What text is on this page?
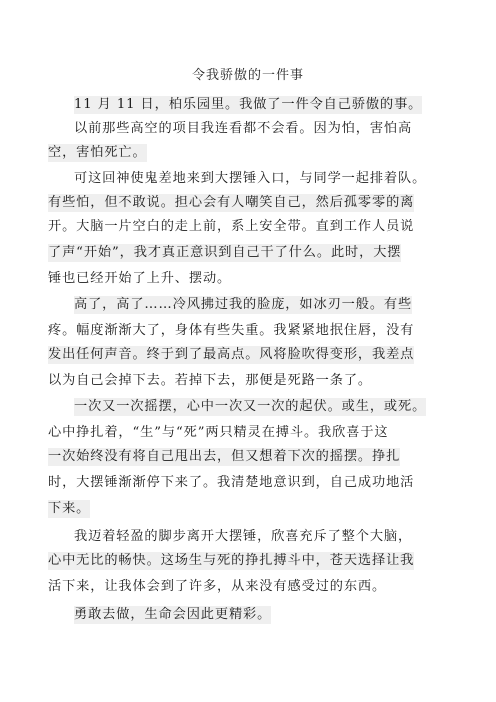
令我骄傲的一件事
11 月 11 日，柏乐园里。我做了一件令自己骄傲的事。
以前那些高空的项目我连看都不会看。因为怕，害怕高
空，害怕死亡。
可这回神使鬼差地来到大摆锤入口，与同学一起排着队。
有些怕，但不敢说。担心会有人嘲笑自己，然后孤零零的离
开。大脑一片空白的走上前，系上安全带。直到工作人员说
了声“开始”，我才真正意识到自己干了什么。此时，大摆
锤也已经开始了上升、摆动。
高了，高了……冷风拂过我的脸庞，如冰刃一般。有些
疼。幅度渐渐大了，身体有些失重。我紧紧地抿住唇，没有
发出任何声音。终于到了最高点。风将脸吹得变形，我差点
以为自己会掉下去。若掉下去，那便是死路一条了。
一次又一次摇摆，心中一次又一次的起伏。或生，或死。
心中挣扎着，“生”与“死”两只精灵在搏斗。我欣喜于这
一次始终没有将自己甩出去，但又想着下次的摇摆。挣扎
时，大摆锤渐渐停下来了。我清楚地意识到，自己成功地活
下来。
我迈着轻盈的脚步离开大摆锤，欣喜充斥了整个大脑，
心中无比的畅快。这场生与死的挣扎搏斗中，苍天选择让我
活下来，让我体会到了许多，从来没有感受过的东西。
勇敢去做，生命会因此更精彩。
